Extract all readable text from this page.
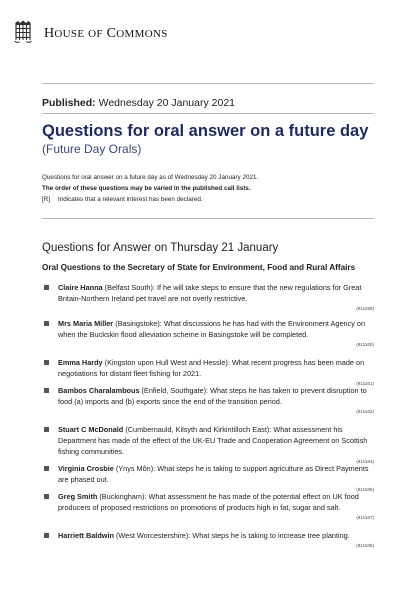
HOUSE OF COMMONS
Published: Wednesday 20 January 2021
Questions for oral answer on a future day
(Future Day Orals)
Questions for oral answer on a future day as of Wednesday 20 January 2021.
The order of these questions may be varied in the published call lists.
[R] Indicates that a relevant interest has been declared.
Questions for Answer on Thursday 21 January
Oral Questions to the Secretary of State for Environment, Food and Rural Affairs
Claire Hanna (Belfast South): If he will take steps to ensure that the new regulations for Great Britain-Northern Ireland pet travel are not overly restrictive.
(911159)
Mrs Maria Miller (Basingstoke): What discussions he has had with the Environment Agency on when the Buckskin flood alleviation scheme in Basingstoke will be completed.
(911160)
Emma Hardy (Kingston upon Hull West and Hessle): What recent progress has been made on negotiations for distant fleet fishing for 2021.
(911161)
Bambos Charalambous (Enfield, Southgate): What steps he has taken to prevent disruption to food (a) imports and (b) exports since the end of the transition period.
(911162)
Stuart C McDonald (Cumbernauld, Kilsyth and Kirkintilloch East): What assessment his Department has made of the effect of the UK-EU Trade and Cooperation Agreement on Scottish fishing communities.
(911164)
Virginia Crosbie (Ynys Môn): What steps he is taking to support agriculture as Direct Payments are phased out.
(911166)
Greg Smith (Buckingham): What assessment he has made of the potential effect on UK food producers of proposed restrictions on promotions of products high in fat, sugar and salt.
(911167)
Harriett Baldwin (West Worcestershire): What steps he is taking to increase tree planting.
(911168)
